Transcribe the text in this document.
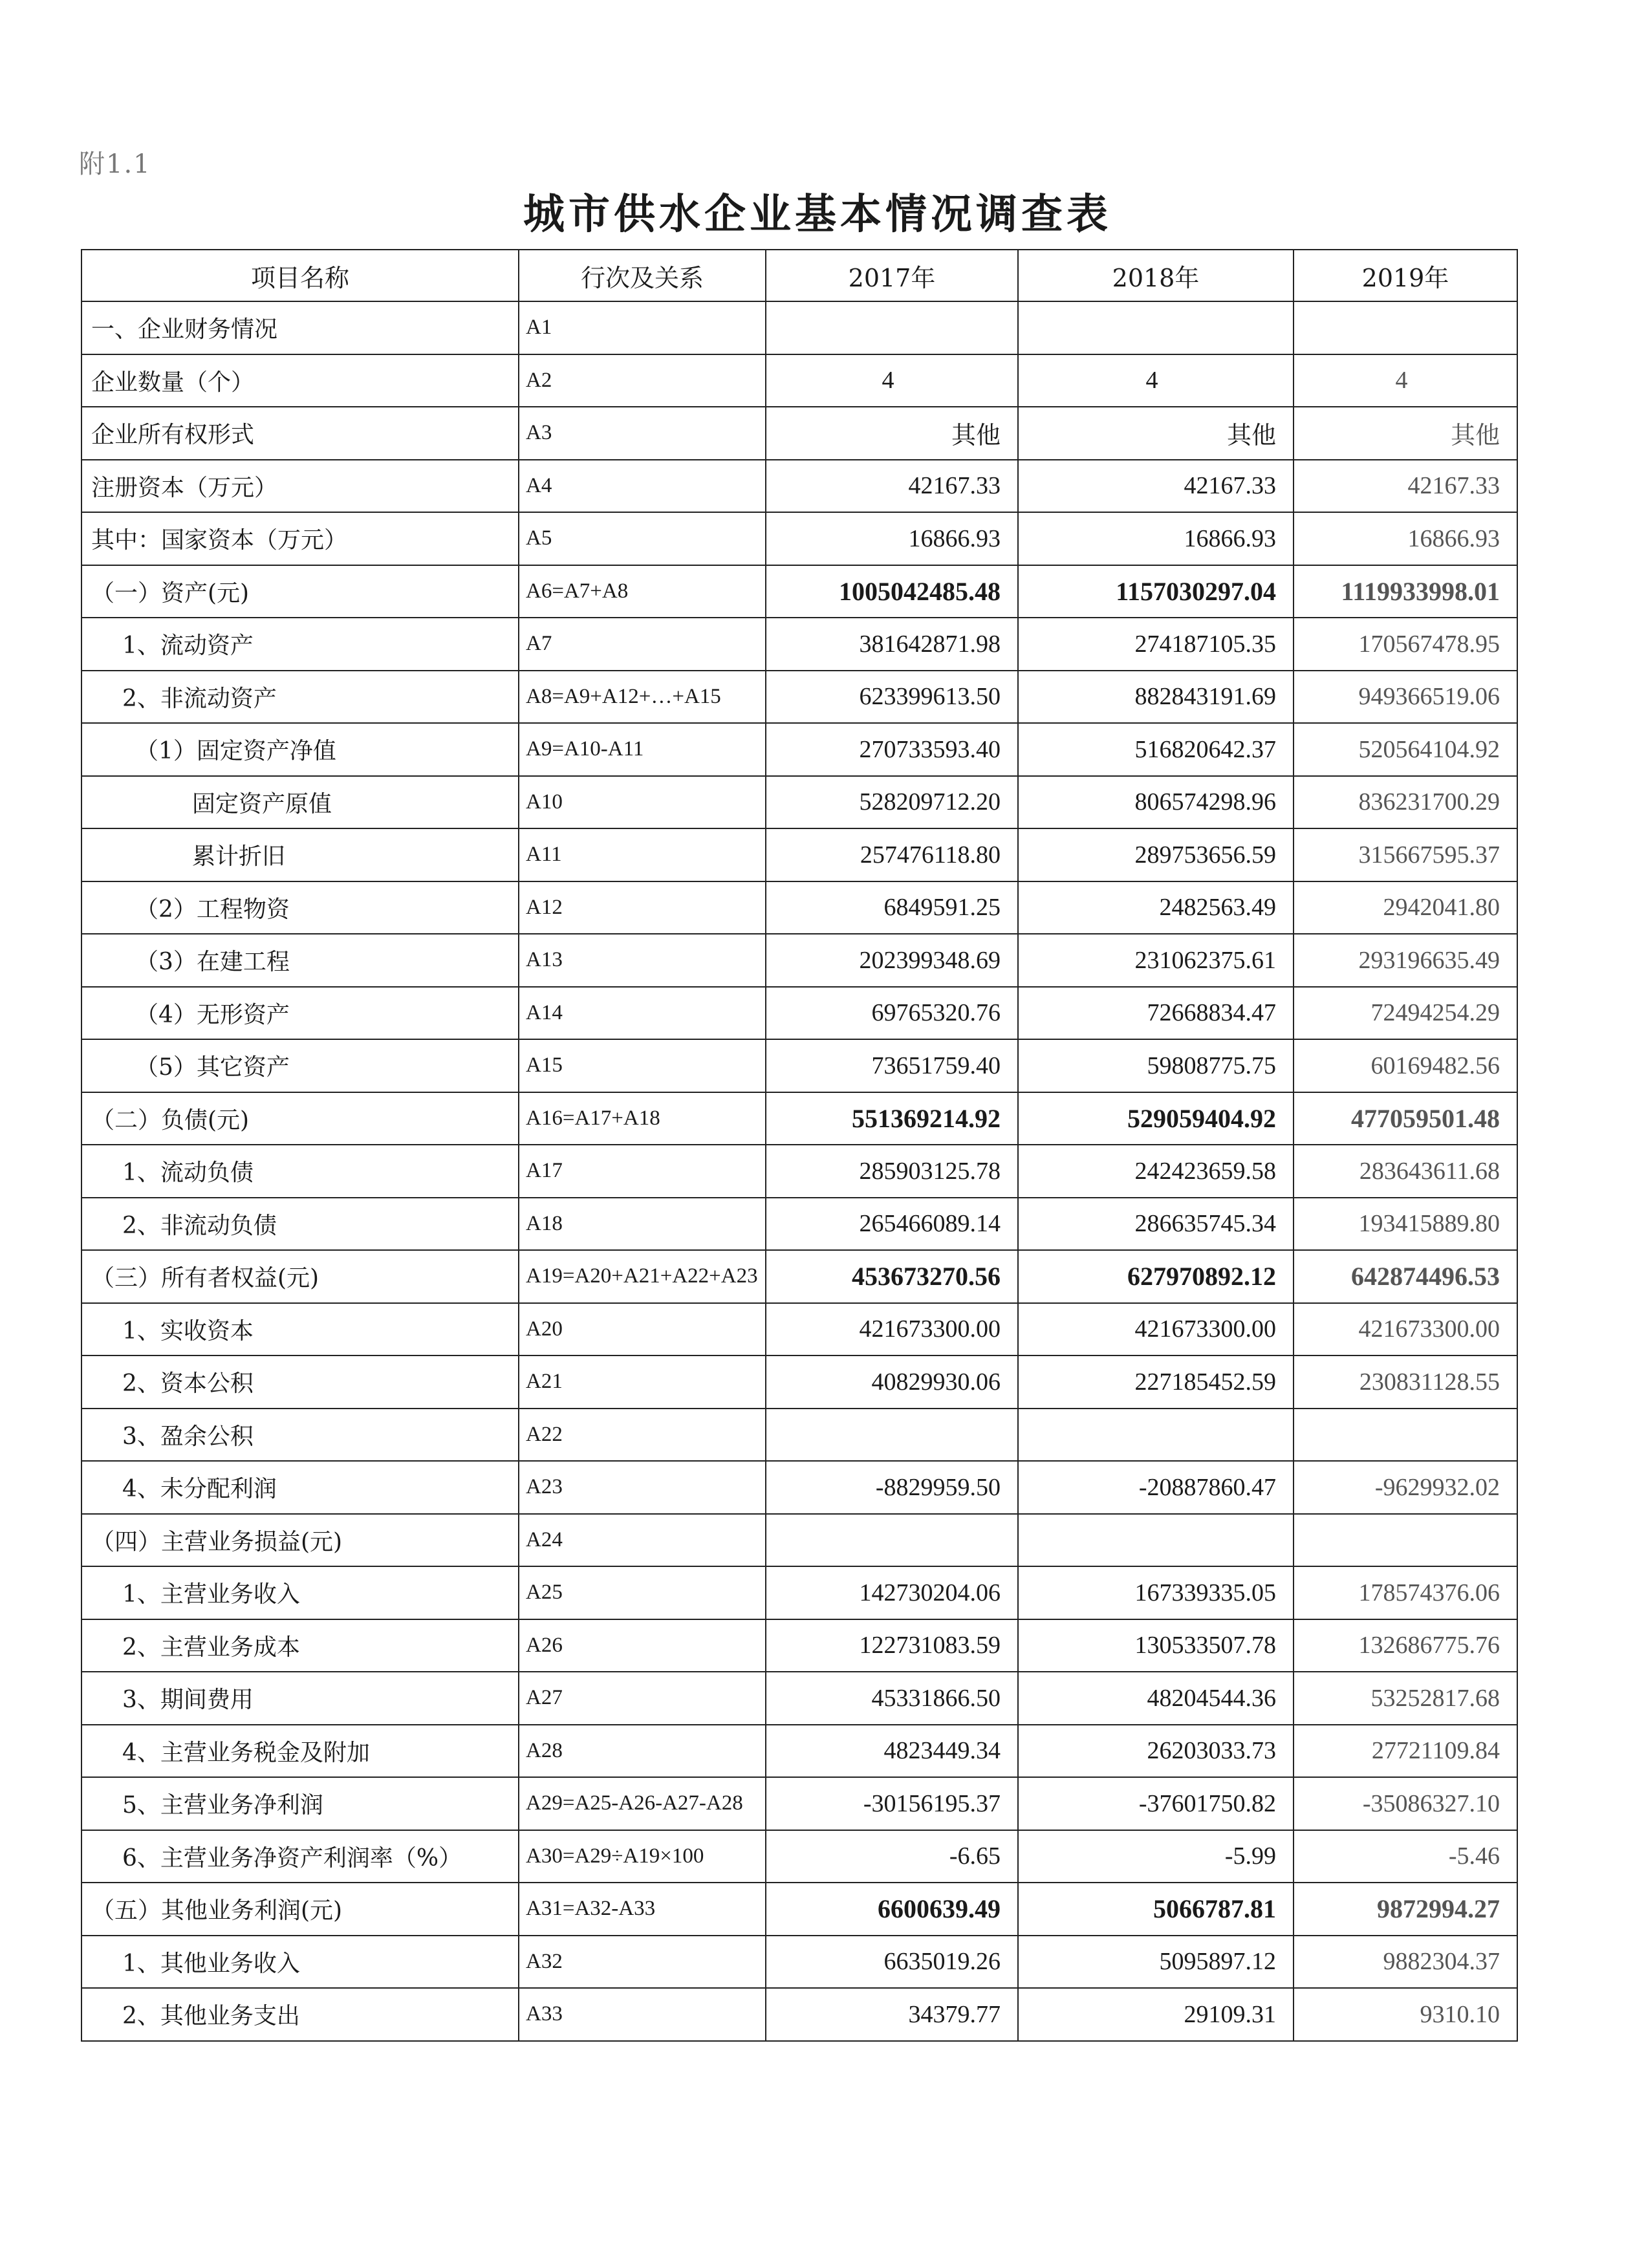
附1.1
城市供水企业基本情况调查表
项目名称	行次及关系	2017年	2018年	2019年
一、企业财务情况	A1			
企业数量（个）	A2	4	4	4
企业所有权形式	A3	其他	其他	其他
注册资本（万元）	A4	42167.33	42167.33	42167.33
其中：国家资本（万元）	A5	16866.93	16866.93	16866.93
（一）资产(元)	A6=A7+A8	1005042485.48	1157030297.04	1119933998.01
1、流动资产	A7	381642871.98	274187105.35	170567478.95
2、非流动资产	A8=A9+A12+…+A15	623399613.50	882843191.69	949366519.06
（1）固定资产净值	A9=A10-A11	270733593.40	516820642.37	520564104.92
固定资产原值	A10	528209712.20	806574298.96	836231700.29
累计折旧	A11	257476118.80	289753656.59	315667595.37
（2）工程物资	A12	6849591.25	2482563.49	2942041.80
（3）在建工程	A13	202399348.69	231062375.61	293196635.49
（4）无形资产	A14	69765320.76	72668834.47	72494254.29
（5）其它资产	A15	73651759.40	59808775.75	60169482.56
（二）负债(元)	A16=A17+A18	551369214.92	529059404.92	477059501.48
1、流动负债	A17	285903125.78	242423659.58	283643611.68
2、非流动负债	A18	265466089.14	286635745.34	193415889.80
（三）所有者权益(元)	A19=A20+A21+A22+A23	453673270.56	627970892.12	642874496.53
1、实收资本	A20	421673300.00	421673300.00	421673300.00
2、资本公积	A21	40829930.06	227185452.59	230831128.55
3、盈余公积	A22			
4、未分配利润	A23	-8829959.50	-20887860.47	-9629932.02
（四）主营业务损益(元)	A24			
1、主营业务收入	A25	142730204.06	167339335.05	178574376.06
2、主营业务成本	A26	122731083.59	130533507.78	132686775.76
3、期间费用	A27	45331866.50	48204544.36	53252817.68
4、主营业务税金及附加	A28	4823449.34	26203033.73	27721109.84
5、主营业务净利润	A29=A25-A26-A27-A28	-30156195.37	-37601750.82	-35086327.10
6、主营业务净资产利润率（%）	A30=A29÷A19×100	-6.65	-5.99	-5.46
（五）其他业务利润(元)	A31=A32-A33	6600639.49	5066787.81	9872994.27
1、其他业务收入	A32	6635019.26	5095897.12	9882304.37
2、其他业务支出	A33	34379.77	29109.31	9310.10
